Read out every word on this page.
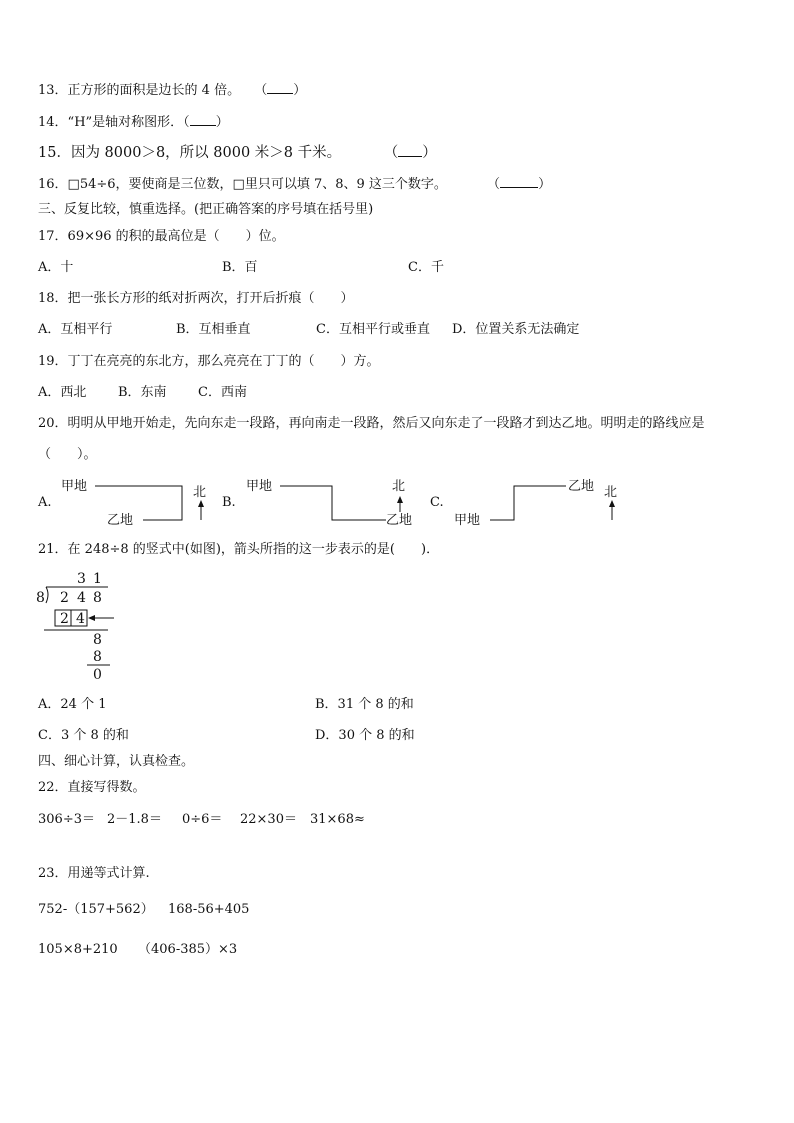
13．正方形的面积是边长的 4 倍。 （ ）
14．“H”是轴对称图形．（ ）
15．因为 8000＞8，所以 8000 米＞8 千米。	（ ）
16．□54÷6，要使商是三位数，□里只可以填 7、8、9 这三个数字。	（	）
三、反复比较，慎重选择。(把正确答案的序号填在括号里)
17．69×96 的积的最高位是（　　）位。
A．十	B．百	C．千
18．把一张长方形的纸对折两次，打开后折痕（　　）
A．互相平行	B．互相垂直	C．互相平行或垂直 D．位置关系无法确定
19．丁丁在亮亮的东北方，那么亮亮在丁丁的（　　）方。
A．西北 B．东南 C．西南
20．明明从甲地开始走，先向东走一段路，再向南走一段路，然后又向东走了一段路才到达乙地。明明走的路线应是
（　　）。
A.	B.	C.
甲地
乙地
北	甲地
乙地
北
甲地
乙地 北
21．在 248÷8 的竖式中(如图)，箭头所指的这一步表示的是(　　)．
3 1
8 2 4 8
2 4
8
8
0
A．24 个 1	B．31 个 8 的和
C．3 个 8 的和	D．30 个 8 的和
四、细心计算，认真检查。
22．直接写得数。
306÷3＝ 2－1.8＝ 0÷6＝ 22×30＝ 31×68≈
23．用递等式计算.
752-（157+562） 168-56+405
105×8+210 （406-385）×3
